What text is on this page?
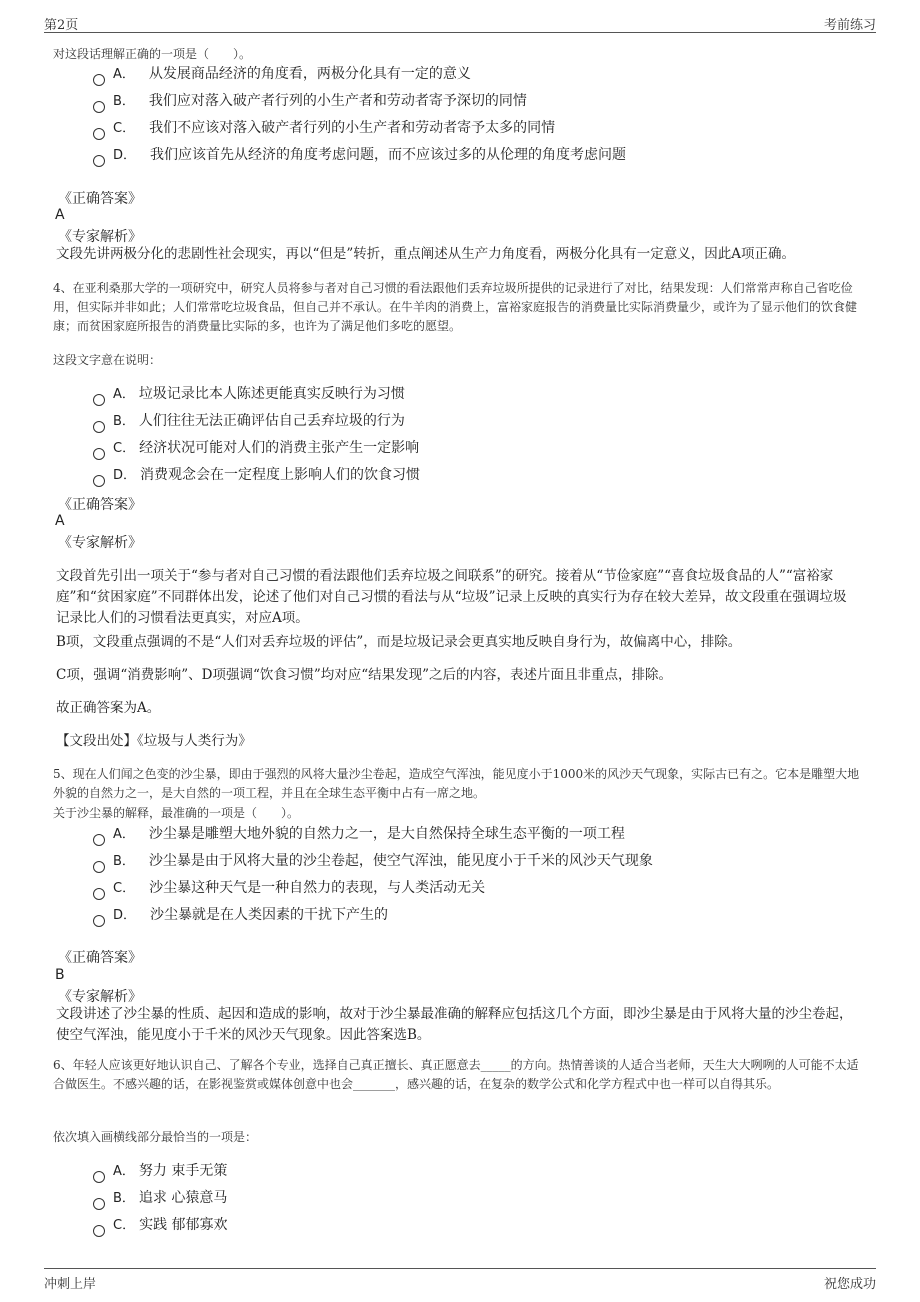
第2页	考前练习
对这段话理解正确的一项是（　　）。
A． 从发展商品经济的角度看，两极分化具有一定的意义
B． 我们应对落入破产者行列的小生产者和劳动者寄予深切的同情
C． 我们不应该对落入破产者行列的小生产者和劳动者寄予太多的同情
D． 我们应该首先从经济的角度考虑问题，而不应该过多的从伦理的角度考虑问题
《正确答案》
A
《专家解析》
文段先讲两极分化的悲剧性社会现实，再以“但是”转折，重点阐述从生产力角度看，两极分化具有一定意义，因此A项正确。
4、在亚利桑那大学的一项研究中，研究人员将参与者对自己习惯的看法跟他们丢弃垃圾所提供的记录进行了对比，结果发现：人们常常声称自己省吃俭用，但实际并非如此；人们常常吃垃圾食品，但自己并不承认。在牛羊肉的消费上，富裕家庭报告的消费量比实际消费量少，或许为了显示他们的饮食健康；而贫困家庭所报告的消费量比实际的多，也许为了满足他们多吃的愿望。
这段文字意在说明：
A． 垃圾记录比本人陈述更能真实反映行为习惯
B． 人们往往无法正确评估自己丢弃垃圾的行为
C． 经济状况可能对人们的消费主张产生一定影响
D． 消费观念会在一定程度上影响人们的饮食习惯
《正确答案》
A
《专家解析》
文段首先引出一项关于“参与者对自己习惯的看法跟他们丢弃垃圾之间联系”的研究。接着从“节俭家庭”“喜食垃圾食品的人”“富裕家庭”和“贫困家庭”不同群体出发，论述了他们对自己习惯的看法与从“垃圾”记录上反映的真实行为存在较大差异，故文段重在强调垃圾记录比人们的习惯看法更真实，对应A项。
B项，文段重点强调的不是“人们对丢弃垃圾的评估”，而是垃圾记录会更真实地反映自身行为，故偏离中心，排除。
C项，强调“消费影响”、D项强调“饮食习惯”均对应“结果发现”之后的内容，表述片面且非重点，排除。
故正确答案为A。
【文段出处】《垃圾与人类行为》
5、现在人们闻之色变的沙尘暴，即由于强烈的风将大量沙尘卷起，造成空气浑浊，能见度小于1000米的风沙天气现象，实际古已有之。它本是雕塑大地外貌的自然力之一，是大自然的一项工程，并且在全球生态平衡中占有一席之地。
关于沙尘暴的解释，最准确的一项是（　　）。
A． 沙尘暴是雕塑大地外貌的自然力之一，是大自然保持全球生态平衡的一项工程
B． 沙尘暴是由于风将大量的沙尘卷起，使空气浑浊，能见度小于千米的风沙天气现象
C． 沙尘暴这种天气是一种自然力的表现，与人类活动无关
D． 沙尘暴就是在人类因素的干扰下产生的
《正确答案》
B
《专家解析》
文段讲述了沙尘暴的性质、起因和造成的影响，故对于沙尘暴最准确的解释应包括这几个方面，即沙尘暴是由于风将大量的沙尘卷起，使空气浑浊，能见度小于千米的风沙天气现象。因此答案选B。
6、年轻人应该更好地认识自己、了解各个专业，选择自己真正擅长、真正愿意去_____的方向。热情善谈的人适合当老师，天生大大咧咧的人可能不太适合做医生。不感兴趣的话，在影视鉴赏或媒体创意中也会_______，感兴趣的话，在复杂的数学公式和化学方程式中也一样可以自得其乐。
依次填入画横线部分最恰当的一项是：
A． 努力 束手无策
B． 追求 心猿意马
C． 实践 郁郁寡欢
冲刺上岸	祝您成功
